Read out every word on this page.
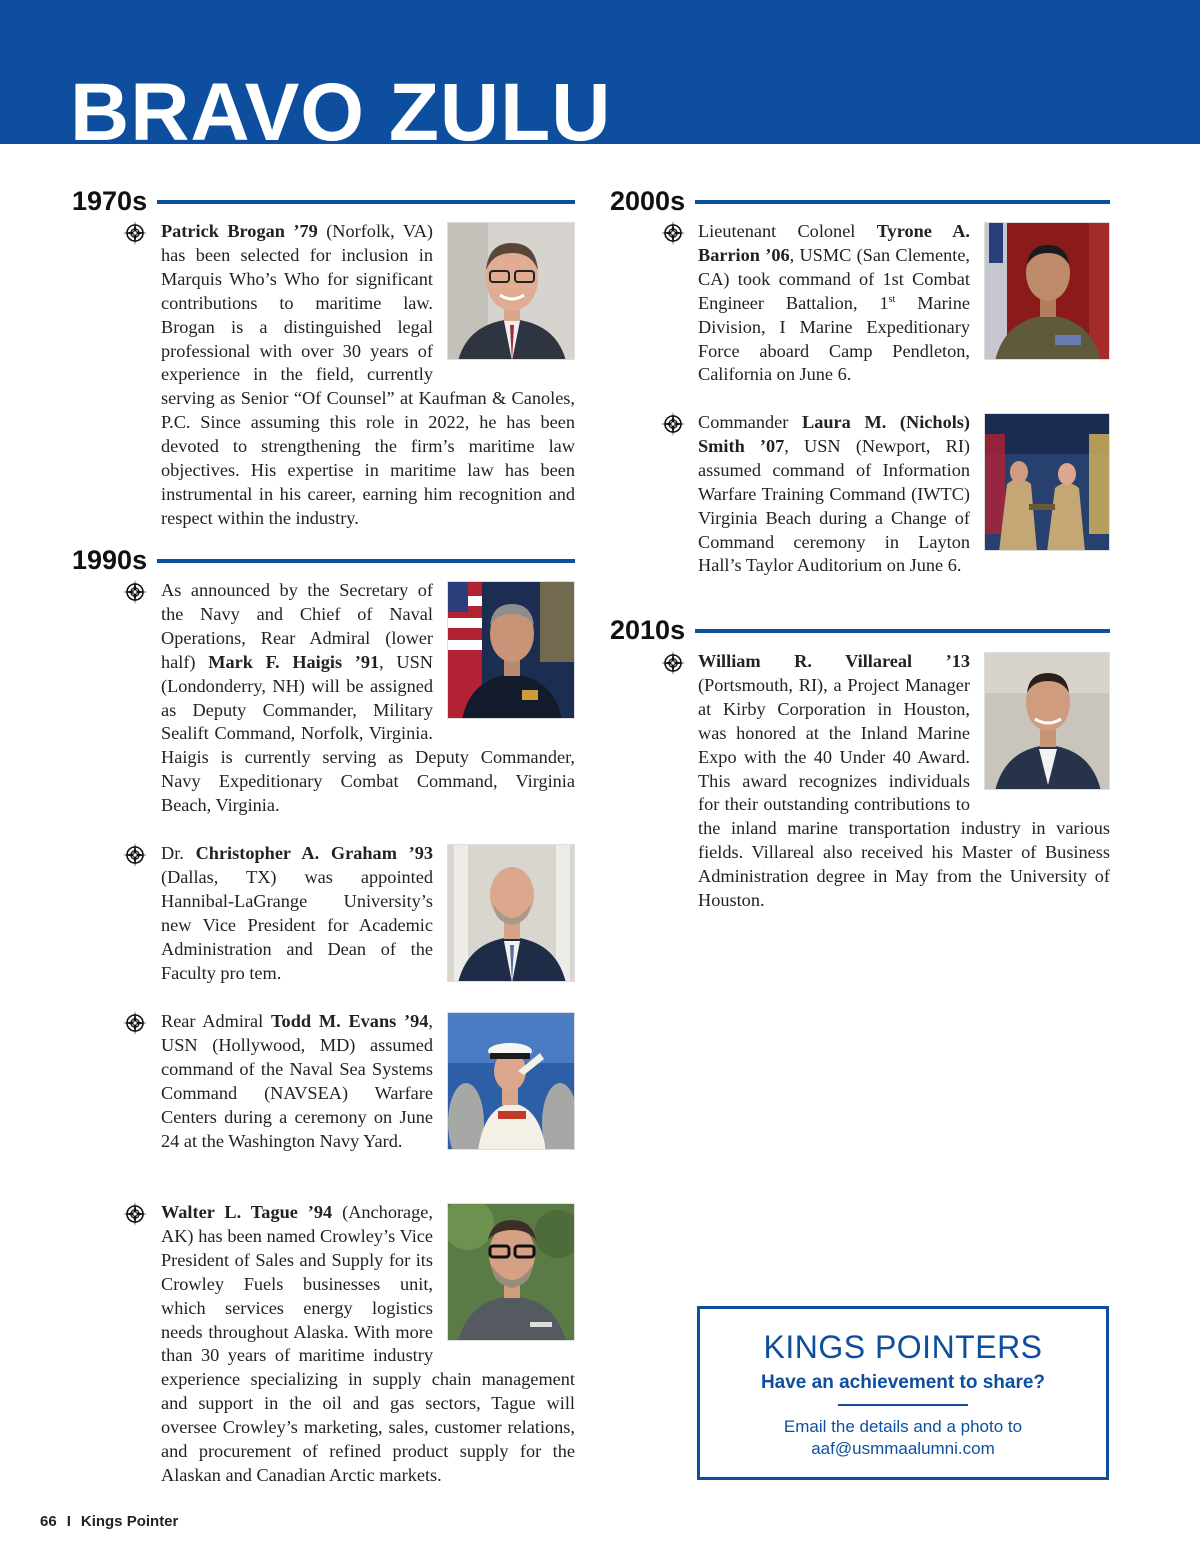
BRAVO ZULU
1970s
Patrick Brogan ’79 (Norfolk, VA) has been selected for inclusion in Marquis Who’s Who for significant contributions to maritime law. Brogan is a distinguished legal professional with over 30 years of experience in the field, currently serving as Senior “Of Counsel” at Kaufman & Canoles, P.C. Since assuming this role in 2022, he has been devoted to strengthening the firm’s maritime law objectives. His expertise in maritime law has been instrumental in his career, earning him recognition and respect within the industry.
1990s
As announced by the Secretary of the Navy and Chief of Naval Operations, Rear Admiral (lower half) Mark F. Haigis ’91, USN (Londonderry, NH) will be assigned as Deputy Commander, Military Sealift Command, Norfolk, Virginia. Haigis is currently serving as Deputy Commander, Navy Expeditionary Combat Command, Virginia Beach, Virginia.
Dr. Christopher A. Graham ’93 (Dallas, TX) was appointed Hannibal-LaGrange University’s new Vice President for Academic Administration and Dean of the Faculty pro tem.
Rear Admiral Todd M. Evans ’94, USN (Hollywood, MD) assumed command of the Naval Sea Systems Command (NAVSEA) Warfare Centers during a ceremony on June 24 at the Washington Navy Yard.
Walter L. Tague ’94 (Anchorage, AK) has been named Crowley’s Vice President of Sales and Supply for its Crowley Fuels businesses unit, which services energy logistics needs throughout Alaska. With more than 30 years of maritime industry experience specializing in supply chain management and support in the oil and gas sectors, Tague will oversee Crowley’s marketing, sales, customer relations, and procurement of refined product supply for the Alaskan and Canadian Arctic markets.
2000s
Lieutenant Colonel Tyrone A. Barrion ’06, USMC (San Clemente, CA) took command of 1st Combat Engineer Battalion, 1st Marine Division, I Marine Expeditionary Force aboard Camp Pendleton, California on June 6.
Commander Laura M. (Nichols) Smith ’07, USN (Newport, RI) assumed command of Information Warfare Training Command (IWTC) Virginia Beach during a Change of Command ceremony in Layton Hall’s Taylor Auditorium on June 6.
2010s
William R. Villareal ’13 (Portsmouth, RI), a Project Manager at Kirby Corporation in Houston, was honored at the Inland Marine Expo with the 40 Under 40 Award. This award recognizes individuals for their outstanding contributions to the inland marine transportation industry in various fields. Villareal also received his Master of Business Administration degree in May from the University of Houston.
KINGS POINTERS
Have an achievement to share?
Email the details and a photo to
aaf@usmmaalumni.com
66 I Kings Pointer
